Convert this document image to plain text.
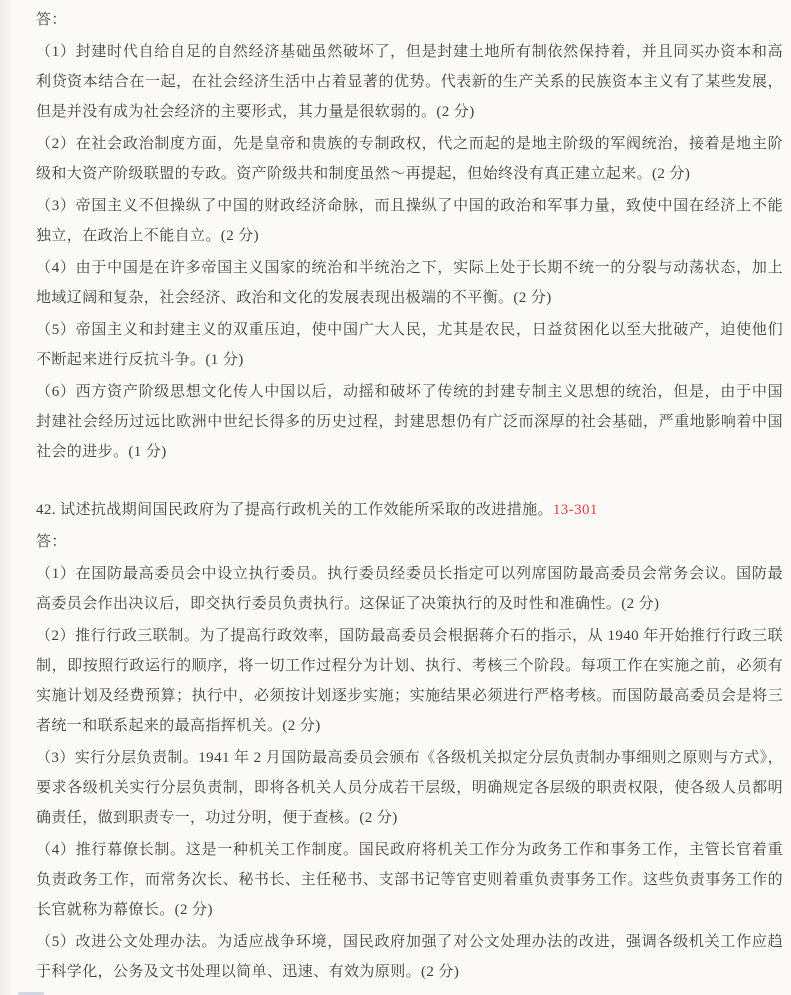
答：

（1）封建时代自给自足的自然经济基础虽然破坏了，但是封建土地所有制依然保持着，并且同买办资本和高利贷资本结合在一起，在社会经济生活中占着显著的优势。代表新的生产关系的民族资本主义有了某些发展，但是并没有成为社会经济的主要形式，其力量是很软弱的。(2 分)

（2）在社会政治制度方面，先是皇帝和贵族的专制政权，代之而起的是地主阶级的军阀统治，接着是地主阶级和大资产阶级联盟的专政。资产阶级共和制度虽然～再提起，但始终没有真正建立起来。(2 分)

（3）帝国主义不但操纵了中国的财政经济命脉，而且操纵了中国的政治和军事力量，致使中国在经济上不能独立，在政治上不能自立。(2 分)

（4）由于中国是在许多帝国主义国家的统治和半统治之下，实际上处于长期不统一的分裂与动荡状态，加上地域辽阔和复杂，社会经济、政治和文化的发展表现出极端的不平衡。(2 分)

（5）帝国主义和封建主义的双重压迫，使中国广大人民，尤其是农民，日益贫困化以至大批破产，迫使他们不断起来进行反抗斗争。(1 分)

（6）西方资产阶级思想文化传人中国以后，动摇和破坏了传统的封建专制主义思想的统治，但是，由于中国封建社会经历过远比欧洲中世纪长得多的历史过程，封建思想仍有广泛而深厚的社会基础，严重地影响着中国社会的进步。(1 分)

42. 试述抗战期间国民政府为了提高行政机关的工作效能所采取的改进措施。13-301

答：

（1）在国防最高委员会中设立执行委员。执行委员经委员长指定可以列席国防最高委员会常务会议。国防最高委员会作出决议后，即交执行委员负责执行。这保证了决策执行的及时性和准确性。(2 分)

（2）推行行政三联制。为了提高行政效率，国防最高委员会根据蒋介石的指示，从 1940 年开始推行行政三联制，即按照行政运行的顺序，将一切工作过程分为计划、执行、考核三个阶段。每项工作在实施之前，必须有实施计划及经费预算；执行中，必须按计划逐步实施；实施结果必须进行严格考核。而国防最高委员会是将三者统一和联系起来的最高指挥机关。(2 分)

（3）实行分层负责制。1941 年 2 月国防最高委员会颁布《各级机关拟定分层负责制办事细则之原则与方式》，要求各级机关实行分层负责制，即将各机关人员分成若干层级，明确规定各层级的职责权限，使各级人员都明确责任，做到职责专一，功过分明，便于查核。(2 分)

（4）推行幕僚长制。这是一种机关工作制度。国民政府将机关工作分为政务工作和事务工作，主管长官着重负责政务工作，而常务次长、秘书长、主任秘书、支部书记等官吏则着重负责事务工作。这些负责事务工作的长官就称为幕僚长。(2 分)

（5）改进公文处理办法。为适应战争环境，国民政府加强了对公文处理办法的改进，强调各级机关工作应趋于科学化，公务及文书处理以简单、迅速、有效为原则。(2 分)
